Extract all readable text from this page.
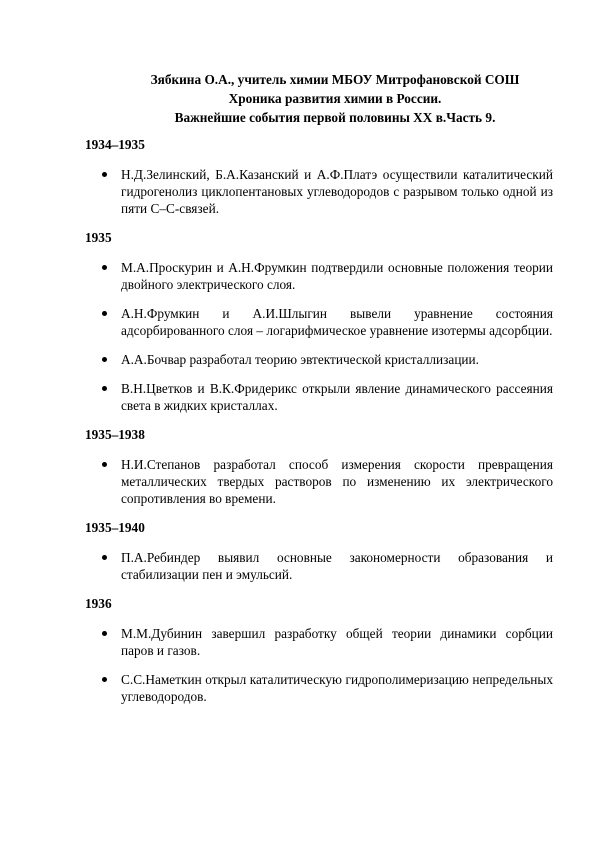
Зябкина О.А., учитель химии МБОУ Митрофановской СОШ
Хроника развития химии в России.
Важнейшие события первой половины XX в.Часть 9.
1934–1935
Н.Д.Зелинский, Б.А.Казанский и А.Ф.Платэ осуществили каталитический гидрогенолиз циклопентановых углеводородов с разрывом только одной из пяти С–С-связей.
1935
М.А.Проскурин и А.Н.Фрумкин подтвердили основные положения теории двойного электрического слоя.
А.Н.Фрумкин и А.И.Шлыгин вывели уравнение состояния адсорбированного слоя – логарифмическое уравнение изотермы адсорбции.
А.А.Бочвар разработал теорию эвтектической кристаллизации.
В.Н.Цветков и В.К.Фридерикс открыли явление динамического рассеяния света в жидких кристаллах.
1935–1938
Н.И.Степанов разработал способ измерения скорости превращения металлических твердых растворов по изменению их электрического сопротивления во времени.
1935–1940
П.А.Ребиндер выявил основные закономерности образования и стабилизации пен и эмульсий.
1936
М.М.Дубинин завершил разработку общей теории динамики сорбции паров и газов.
С.С.Наметкин открыл каталитическую гидрополимеризацию непредельных углеводородов.
